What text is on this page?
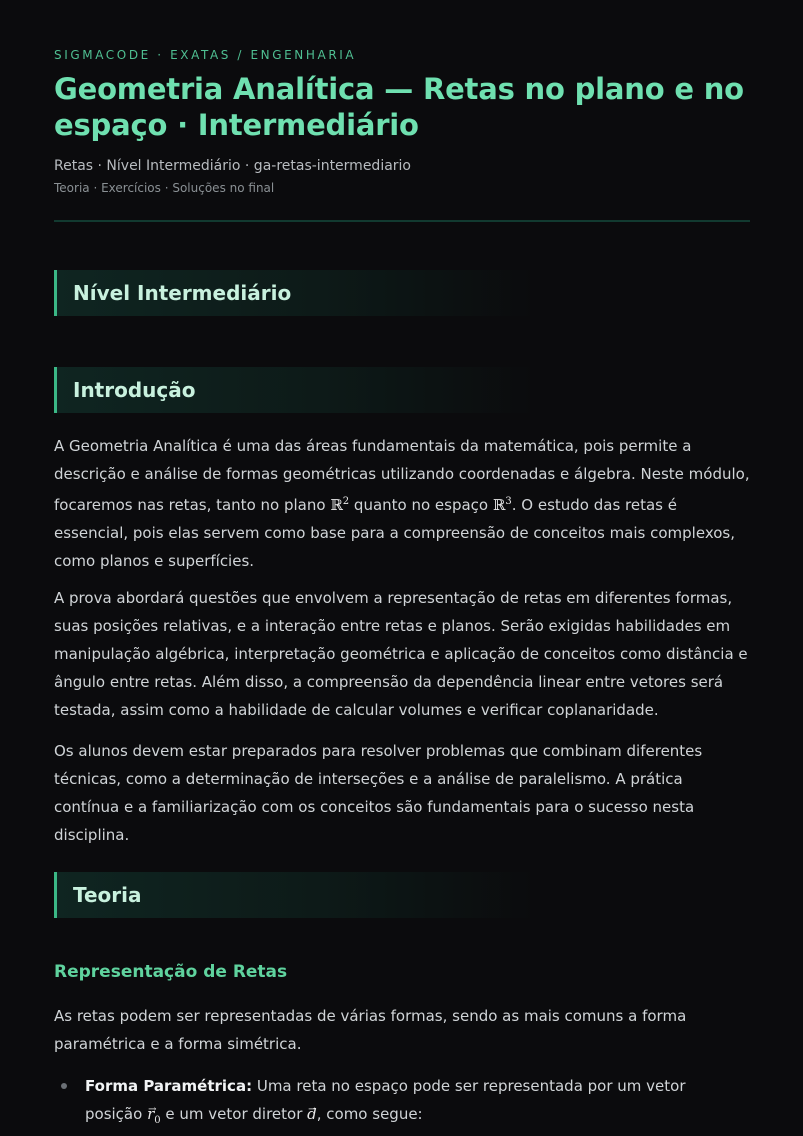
SIGMACODE · EXATAS / ENGENHARIA
Geometria Analítica — Retas no plano e no espaço · Intermediário
Retas · Nível Intermediário · ga-retas-intermediario
Teoria · Exercícios · Soluções no final
Nível Intermediário
Introdução

A Geometria Analítica é uma das áreas fundamentais da matemática, pois permite a descrição e análise de formas geométricas utilizando coordenadas e álgebra. Neste módulo, focaremos nas retas, tanto no plano ℝ$^2$ quanto no espaço ℝ$^3$. O estudo das retas é essencial, pois elas servem como base para a compreensão de conceitos mais complexos, como planos e superfícies.

A prova abordará questões que envolvem a representação de retas em diferentes formas, suas posições relativas, e a interação entre retas e planos. Serão exigidas habilidades em manipulação algébrica, interpretação geométrica e aplicação de conceitos como distância e ângulo entre retas. Além disso, a compreensão da dependência linear entre vetores será testada, assim como a habilidade de calcular volumes e verificar coplanaridade.

Os alunos devem estar preparados para resolver problemas que combinam diferentes técnicas, como a determinação de interseções e a análise de paralelismo. A prática contínua e a familiarização com os conceitos são fundamentais para o sucesso nesta disciplina.

Teoria
Representação de Retas

As retas podem ser representadas de várias formas, sendo as mais comuns a forma paramétrica e a forma simétrica.

Forma Paramétrica: Uma reta no espaço pode ser representada por um vetor posição → $r_0$ e um vetor diretor → d, como segue:
